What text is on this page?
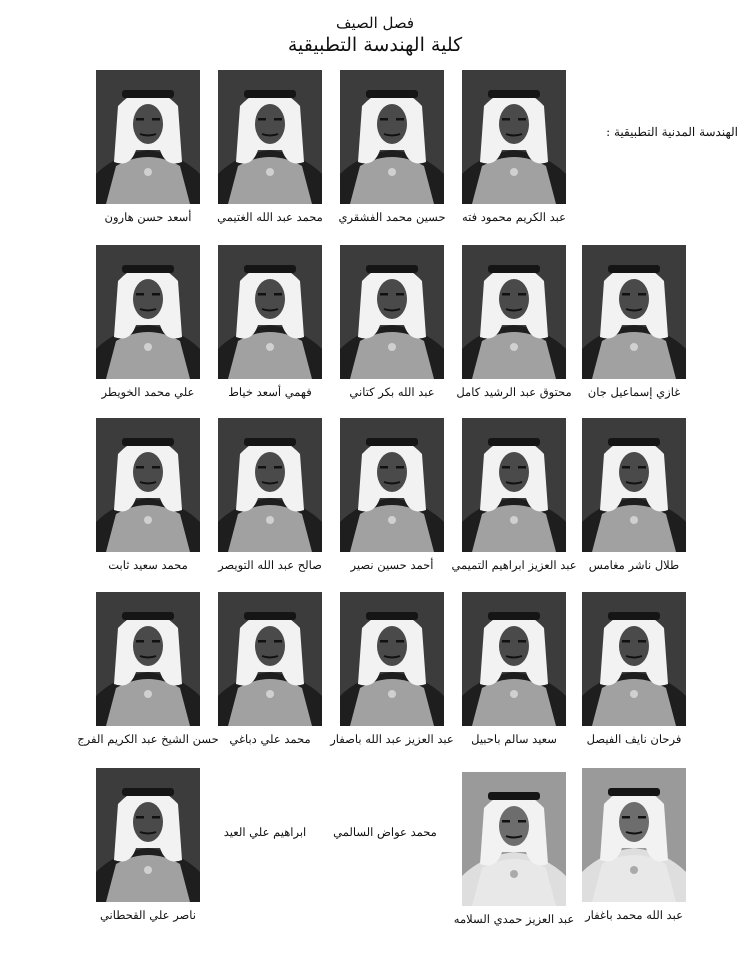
فصل الصيف
كلية الهندسة التطبيقية
الهندسة المدنية التطبيقية :
عبد الكريم محمود فته
حسين محمد الفشقري
محمد عبد الله الغتيمي
أسعد حسن هارون
غازي إسماعيل جان
محتوق عبد الرشيد كامل
عبد الله بكر كتاني
فهمي أسعد خياط
علي محمد الخويطر
طلال ناشر مغامس
عبد العزيز ابراهيم التميمي
أحمد حسين نصير
صالح عبد الله التويصر
محمد سعيد ثابت
فرحان نايف الفيصل
سعيد سالم باحبيل
عبد العزيز عبد الله باصفار
محمد علي دباغي
حسن الشيخ عبد الكريم الفرج
عبد الله محمد باغفار
عبد العزيز حمدي السلامه
ناصر علي القحطاني
محمد عواض السالمي
ابراهيم علي العيد
